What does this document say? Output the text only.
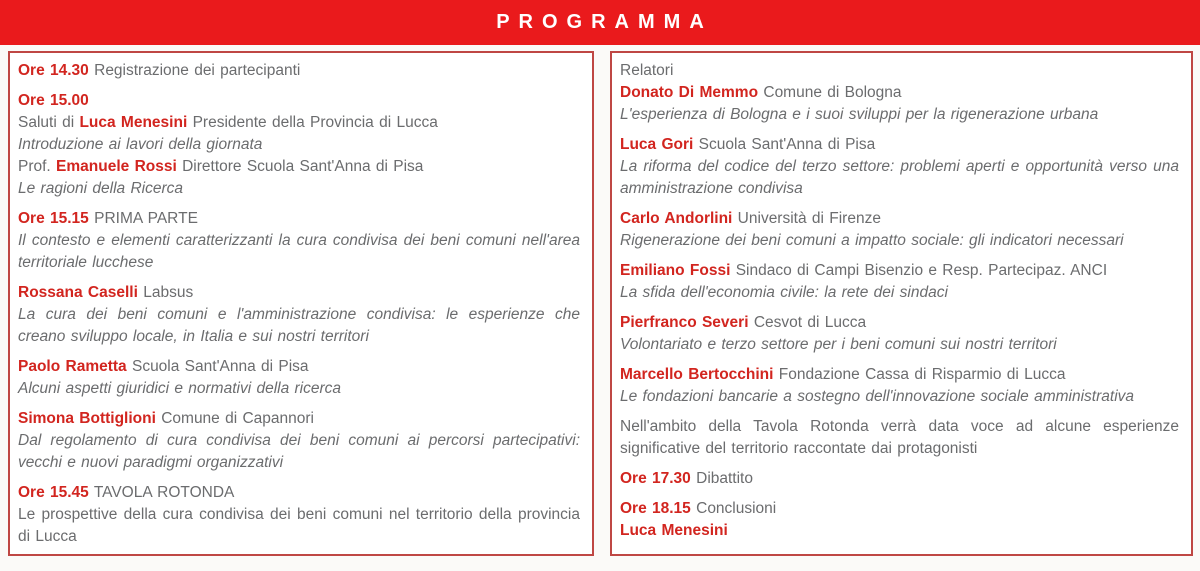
PROGRAMMA
Ore 14.30 Registrazione dei partecipanti
Ore 15.00
Saluti di Luca Menesini Presidente della Provincia di Lucca
Introduzione ai lavori della giornata
Prof. Emanuele Rossi Direttore Scuola Sant'Anna di Pisa
Le ragioni della Ricerca
Ore 15.15 PRIMA PARTE
Il contesto e elementi caratterizzanti la cura condivisa dei beni comuni nell'area territoriale lucchese
Rossana Caselli Labsus
La cura dei beni comuni e l'amministrazione condivisa: le esperienze che creano sviluppo locale, in Italia e sui nostri territori
Paolo Rametta Scuola Sant'Anna di Pisa
Alcuni aspetti giuridici e normativi della ricerca
Simona Bottiglioni Comune di Capannori
Dal regolamento di cura condivisa dei beni comuni ai percorsi partecipativi: vecchi e nuovi paradigmi organizzativi
Ore 15.45 TAVOLA ROTONDA
Le prospettive della cura condivisa dei beni comuni nel territorio della provincia di Lucca
Relatori
Donato Di Memmo Comune di Bologna
L'esperienza di Bologna e i suoi sviluppi per la rigenerazione urbana
Luca Gori Scuola Sant'Anna di Pisa
La riforma del codice del terzo settore: problemi aperti e opportunità verso una amministrazione condivisa
Carlo Andorlini Università di Firenze
Rigenerazione dei beni comuni a impatto sociale: gli indicatori necessari
Emiliano Fossi Sindaco di Campi Bisenzio e Resp. Partecipaz. ANCI
La sfida dell'economia civile: la rete dei sindaci
Pierfranco Severi Cesvot di Lucca
Volontariato e terzo settore per i beni comuni sui nostri territori
Marcello Bertocchini Fondazione Cassa di Risparmio di Lucca
Le fondazioni bancarie a sostegno dell'innovazione sociale amministrativa
Nell'ambito della Tavola Rotonda verrà data voce ad alcune esperienze significative del territorio raccontate dai protagonisti
Ore 17.30 Dibattito
Ore 18.15 Conclusioni
Luca Menesini
